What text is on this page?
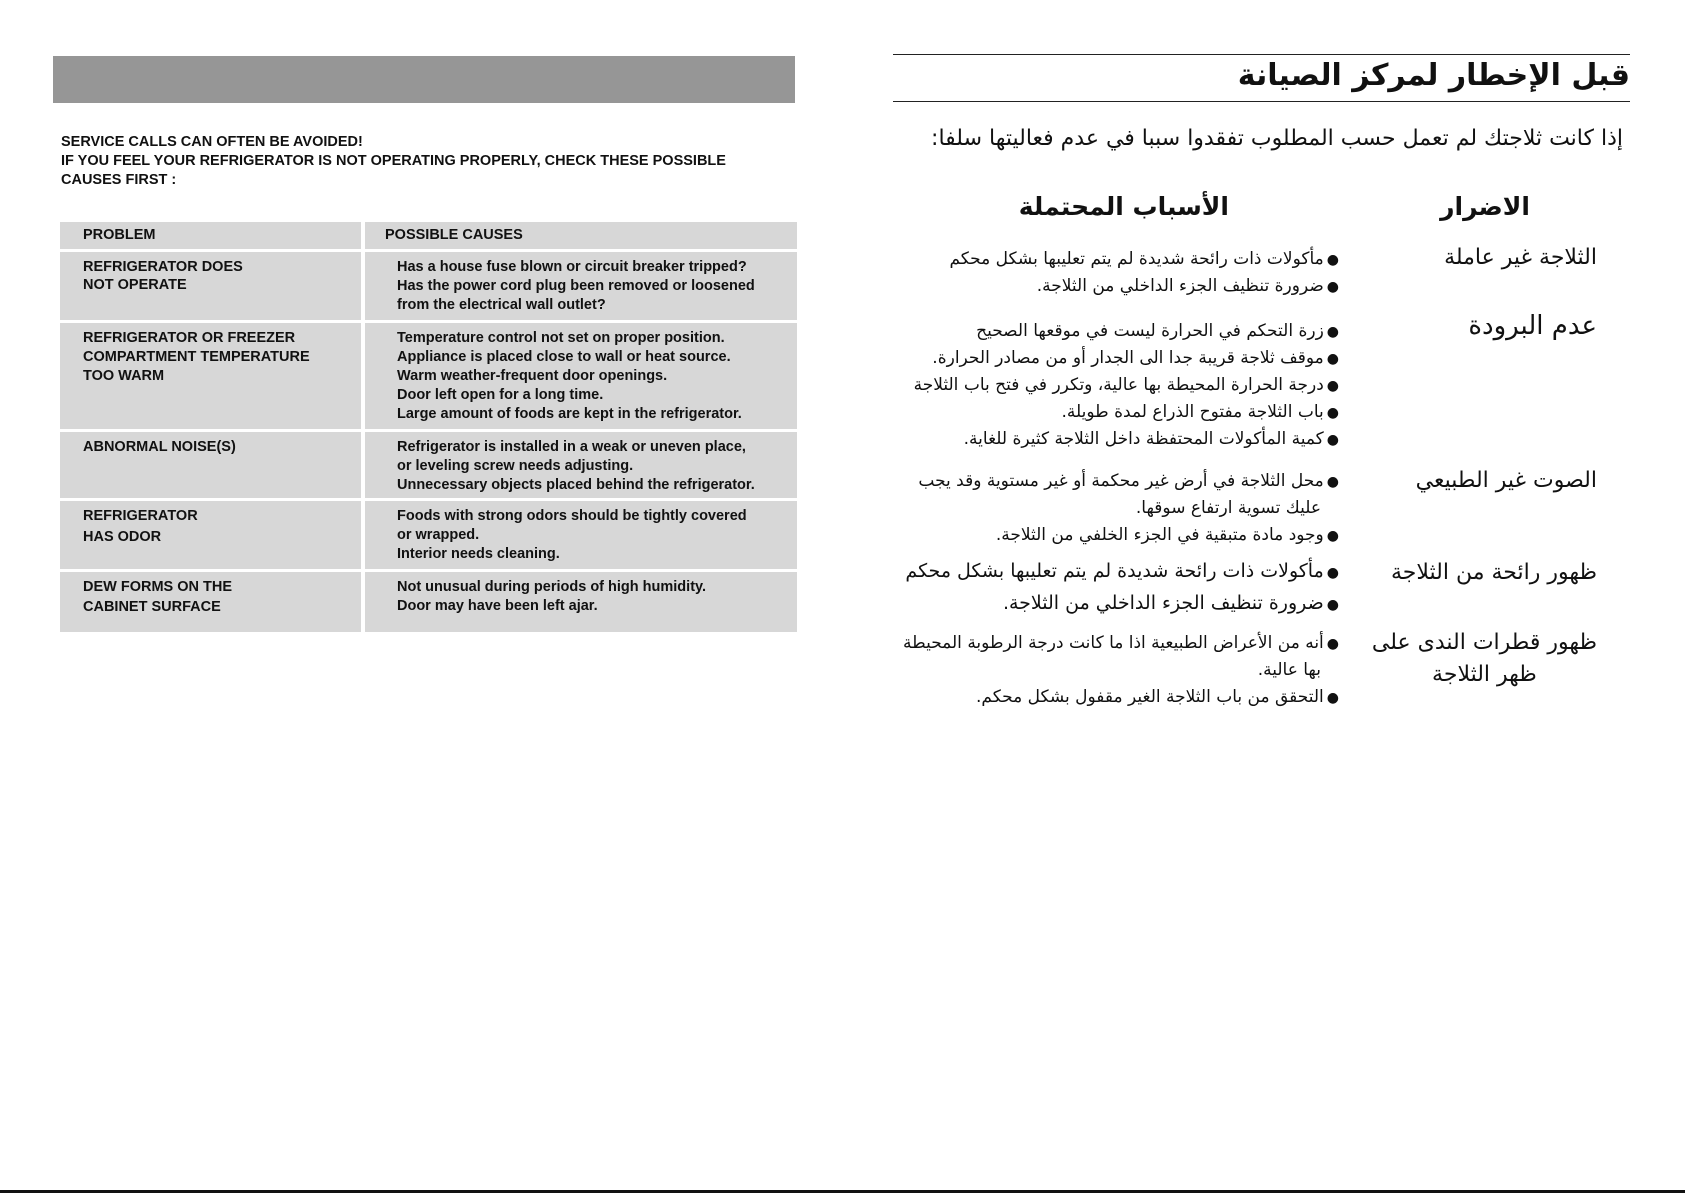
SERVICE CALLS CAN OFTEN BE AVOIDED!
IF YOU FEEL YOUR REFRIGERATOR IS NOT OPERATING PROPERLY, CHECK THESE POSSIBLE
CAUSES FIRST :
PROBLEM	POSSIBLE CAUSES
REFRIGERATOR DOES
NOT OPERATE
Has a house fuse blown or circuit breaker tripped?
Has the power cord plug been removed or loosened
from the electrical wall outlet?
REFRIGERATOR OR FREEZER
COMPARTMENT TEMPERATURE
TOO WARM
Temperature control not set on proper position.
Appliance is placed close to wall or heat source.
Warm weather-frequent door openings.
Door left open for a long time.
Large amount of foods are kept in the refrigerator.
ABNORMAL NOISE(S)	Refrigerator is installed in a weak or uneven place,
or leveling screw needs adjusting.
Unnecessary objects placed behind the refrigerator.
REFRIGERATOR
HAS ODOR
Foods with strong odors should be tightly covered
or wrapped.
Interior needs cleaning.
DEW FORMS ON THE
CABINET SURFACE
Not unusual during periods of high humidity.
Door may have been left ajar.
قبل الإخطار لمركز الصيانة
إذا كانت ثلاجتك لم تعمل حسب المطلوب تفقدوا سببا في عدم فعاليتها سلفا:
الاضرار
الأسباب المحتملة
الثلاجة غير عاملة
● مأكولات ذات رائحة شديدة لم يتم تعليبها بشكل محكم
● ضرورة تنظيف الجزء الداخلي من الثلاجة.
عدم البرودة
● زرة التحكم في الحرارة ليست في موقعها الصحيح
● موقف ثلاجة قريبة جدا الى الجدار أو من مصادر الحرارة.
● درجة الحرارة المحيطة بها عالية، وتكرر في فتح باب الثلاجة
● باب الثلاجة مفتوح الذراع لمدة طويلة.
● كمية المأكولات المحتفظة داخل الثلاجة كثيرة للغاية.
الصوت غير الطبيعي
● محل الثلاجة في أرض غير محكمة أو غير مستوية وقد يجب
عليك تسوية ارتفاع سوقها.
● وجود مادة متبقية في الجزء الخلفي من الثلاجة.
ظهور رائحة من الثلاجة
● مأكولات ذات رائحة شديدة لم يتم تعليبها بشكل محكم
● ضرورة تنظيف الجزء الداخلي من الثلاجة.
ظهور قطرات الندى على
ظهر الثلاجة
● أنه من الأعراض الطبيعية اذا ما كانت درجة الرطوبة المحيطة
بها عالية.
● التحقق من باب الثلاجة الغير مقفول بشكل محكم.
